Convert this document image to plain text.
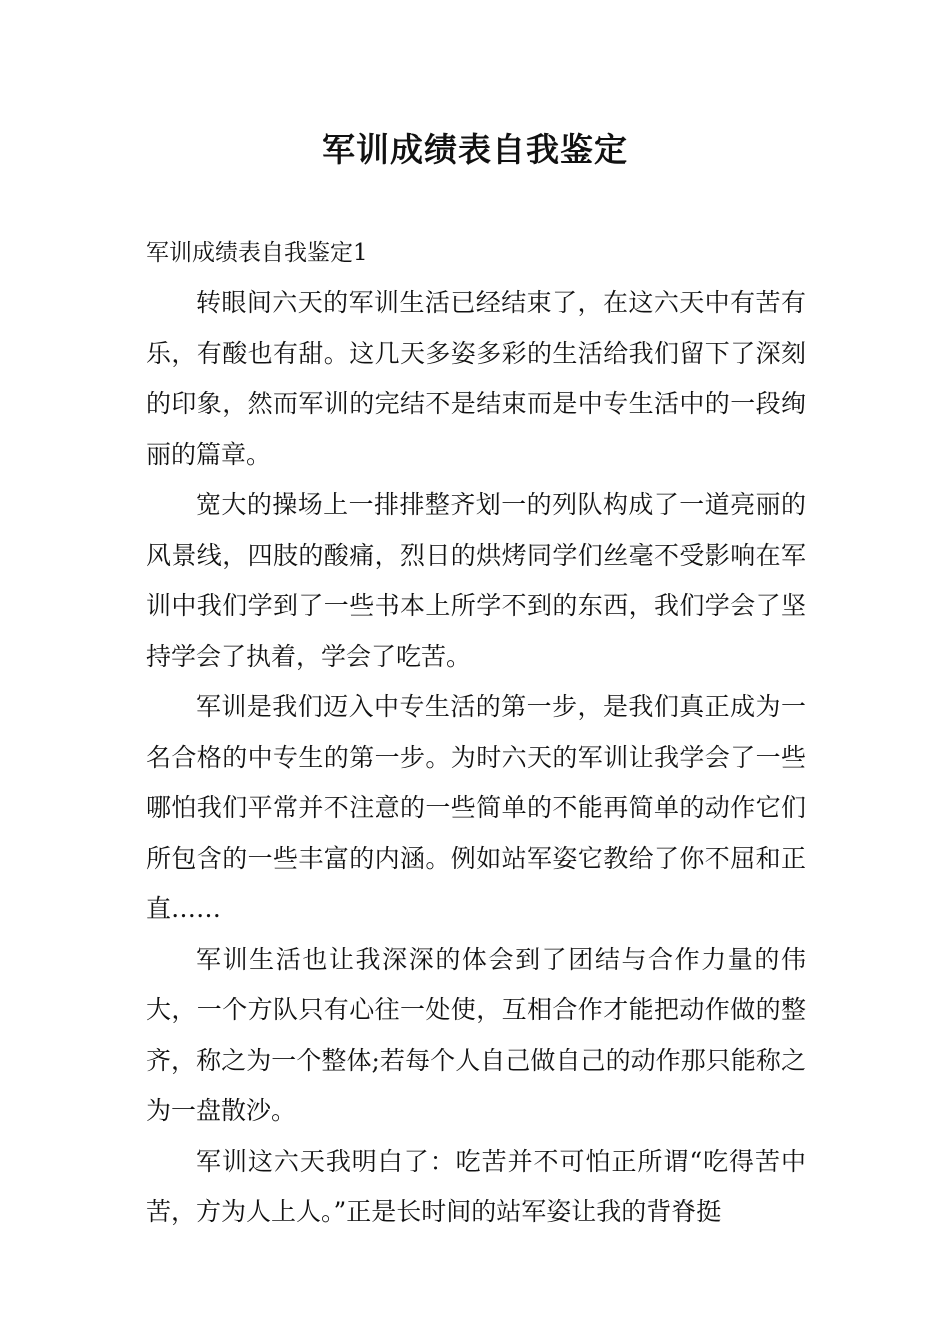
军训成绩表自我鉴定

军训成绩表自我鉴定1

转眼间六天的军训生活已经结束了，在这六天中有苦有乐，有酸也有甜。这几天多姿多彩的生活给我们留下了深刻的印象，然而军训的完结不是结束而是中专生活中的一段绚丽的篇章。

宽大的操场上一排排整齐划一的列队构成了一道亮丽的风景线，四肢的酸痛，烈日的烘烤同学们丝毫不受影响在军训中我们学到了一些书本上所学不到的东西，我们学会了坚持学会了执着，学会了吃苦。

军训是我们迈入中专生活的第一步，是我们真正成为一名合格的中专生的第一步。为时六天的军训让我学会了一些哪怕我们平常并不注意的一些简单的不能再简单的动作它们所包含的一些丰富的内涵。例如站军姿它教给了你不屈和正直……

军训生活也让我深深的体会到了团结与合作力量的伟大，一个方队只有心往一处使，互相合作才能把动作做的整齐，称之为一个整体;若每个人自己做自己的动作那只能称之为一盘散沙。

军训这六天我明白了：吃苦并不可怕正所谓“吃得苦中苦，方为人上人。”正是长时间的站军姿让我的背脊挺
